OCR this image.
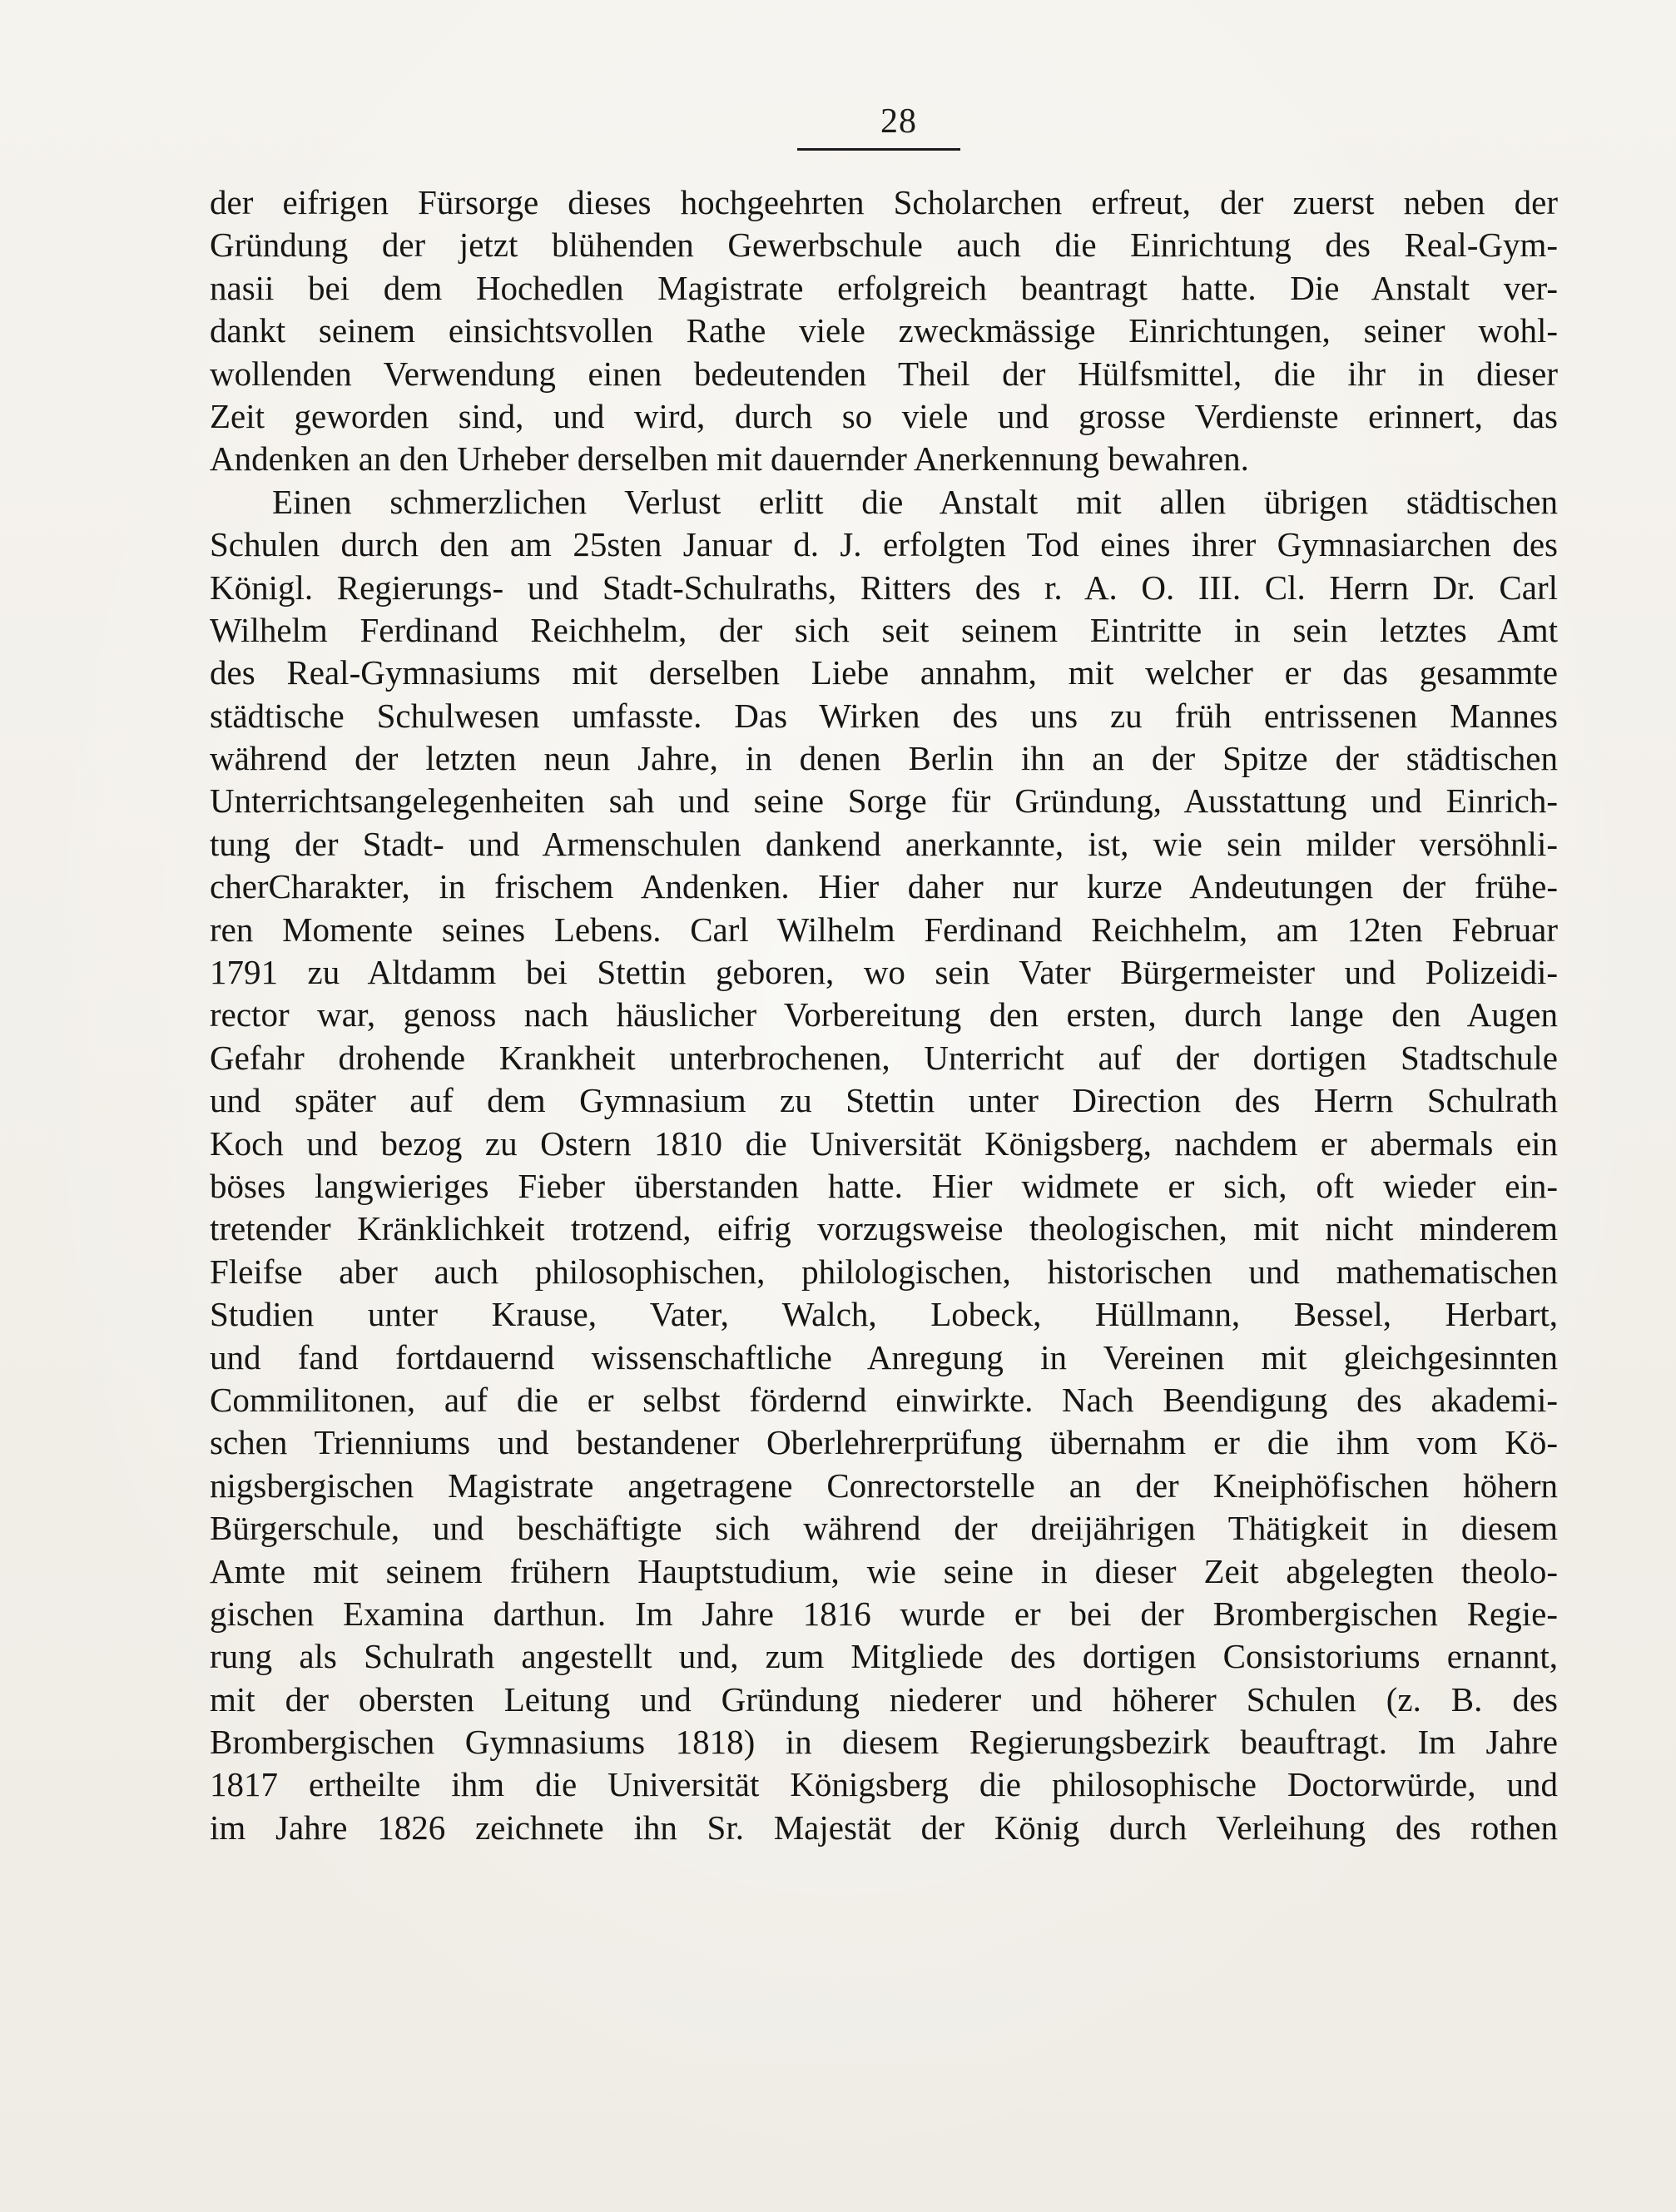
28
der eifrigen Fürsorge dieses hochgeehrten Scholarchen erfreut, der zuerst neben der
Gründung der jetzt blühenden Gewerbschule auch die Einrichtung des Real-Gym-
nasii bei dem Hochedlen Magistrate erfolgreich beantragt hatte. Die Anstalt ver-
dankt seinem einsichtsvollen Rathe viele zweckmässige Einrichtungen, seiner wohl-
wollenden Verwendung einen bedeutenden Theil der Hülfsmittel, die ihr in dieser
Zeit geworden sind, und wird, durch so viele und grosse Verdienste erinnert, das
Andenken an den Urheber derselben mit dauernder Anerkennung bewahren.
Einen schmerzlichen Verlust erlitt die Anstalt mit allen übrigen städtischen
Schulen durch den am 25sten Januar d. J. erfolgten Tod eines ihrer Gymnasiarchen des
Königl. Regierungs- und Stadt-Schulraths, Ritters des r. A. O. III. Cl. Herrn Dr. Carl
Wilhelm Ferdinand Reichhelm, der sich seit seinem Eintritte in sein letztes Amt
des Real-Gymnasiums mit derselben Liebe annahm, mit welcher er das gesammte
städtische Schulwesen umfasste. Das Wirken des uns zu früh entrissenen Mannes
während der letzten neun Jahre, in denen Berlin ihn an der Spitze der städtischen
Unterrichtsangelegenheiten sah und seine Sorge für Gründung, Ausstattung und Einrich-
tung der Stadt- und Armenschulen dankend anerkannte, ist, wie sein milder versöhnli-
cherCharakter, in frischem Andenken. Hier daher nur kurze Andeutungen der frühe-
ren Momente seines Lebens. Carl Wilhelm Ferdinand Reichhelm, am 12ten Februar
1791 zu Altdamm bei Stettin geboren, wo sein Vater Bürgermeister und Polizeidi-
rector war, genoss nach häuslicher Vorbereitung den ersten, durch lange den Augen
Gefahr drohende Krankheit unterbrochenen, Unterricht auf der dortigen Stadtschule
und später auf dem Gymnasium zu Stettin unter Direction des Herrn Schulrath
Koch und bezog zu Ostern 1810 die Universität Königsberg, nachdem er abermals ein
böses langwieriges Fieber überstanden hatte. Hier widmete er sich, oft wieder ein-
tretender Kränklichkeit trotzend, eifrig vorzugsweise theologischen, mit nicht minderem
Fleifse aber auch philosophischen, philologischen, historischen und mathematischen
Studien unter Krause, Vater, Walch, Lobeck, Hüllmann, Bessel, Herbart,
und fand fortdauernd wissenschaftliche Anregung in Vereinen mit gleichgesinnten
Commilitonen, auf die er selbst fördernd einwirkte. Nach Beendigung des akademi-
schen Trienniums und bestandener Oberlehrerprüfung übernahm er die ihm vom Kö-
nigsbergischen Magistrate angetragene Conrectorstelle an der Kneiphöfischen höhern
Bürgerschule, und beschäftigte sich während der dreijährigen Thätigkeit in diesem
Amte mit seinem frühern Hauptstudium, wie seine in dieser Zeit abgelegten theolo-
gischen Examina darthun. Im Jahre 1816 wurde er bei der Brombergischen Regie-
rung als Schulrath angestellt und, zum Mitgliede des dortigen Consistoriums ernannt,
mit der obersten Leitung und Gründung niederer und höherer Schulen (z. B. des
Brombergischen Gymnasiums 1818) in diesem Regierungsbezirk beauftragt. Im Jahre
1817 ertheilte ihm die Universität Königsberg die philosophische Doctorwürde, und
im Jahre 1826 zeichnete ihn Sr. Majestät der König durch Verleihung des rothen
